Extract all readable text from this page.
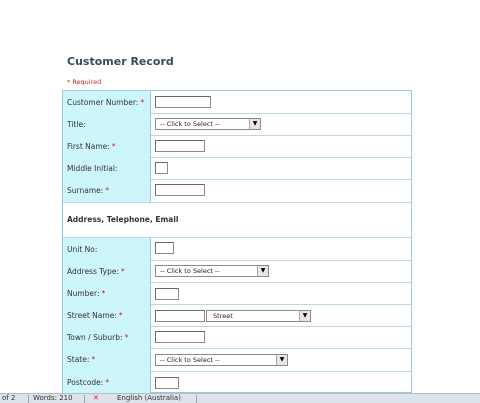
Customer Record
* Required
Customer Number: *
Title:	-- Click to Select --	▼
First Name: *
Middle Initial:
Surname: *
Address, Telephone, Email
Unit No:
Address Type: *	-- Click to Select --	▼
Number: *
Street Name: *	Street	▼
Town / Suburb: *
State: *	-- Click to Select --	▼
Postcode: *
of 2	Words: 210	✕	English (Australia)
